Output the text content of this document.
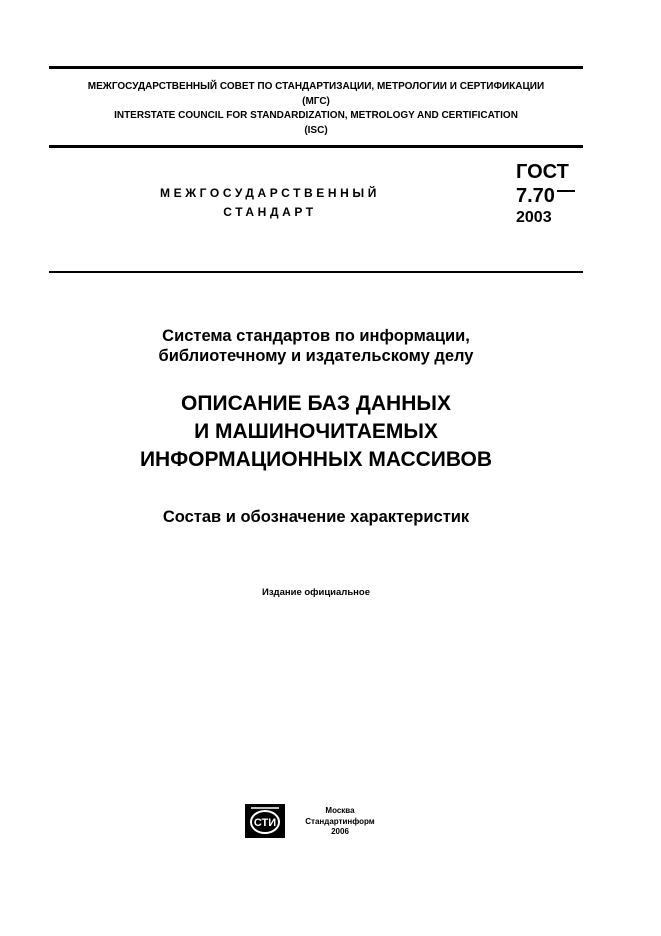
МЕЖГОСУДАРСТВЕННЫЙ СОВЕТ ПО СТАНДАРТИЗАЦИИ, МЕТРОЛОГИИ И СЕРТИФИКАЦИИ
(МГС)
INTERSTATE COUNCIL FOR STANDARDIZATION, METROLOGY AND CERTIFICATION
(ISC)
МЕЖГОСУДАРСТВЕННЫЙ
СТАНДАРТ
ГОСТ
7.70
2003
Система стандартов по информации,
библиотечному и издательскому делу
ОПИСАНИЕ БАЗ ДАННЫХ
И МАШИНОЧИТАЕМЫХ
ИНФОРМАЦИОННЫХ МАССИВОВ
Состав и обозначение характеристик
Издание официальное
СТИ
Москва
Стандартинформ
2006
